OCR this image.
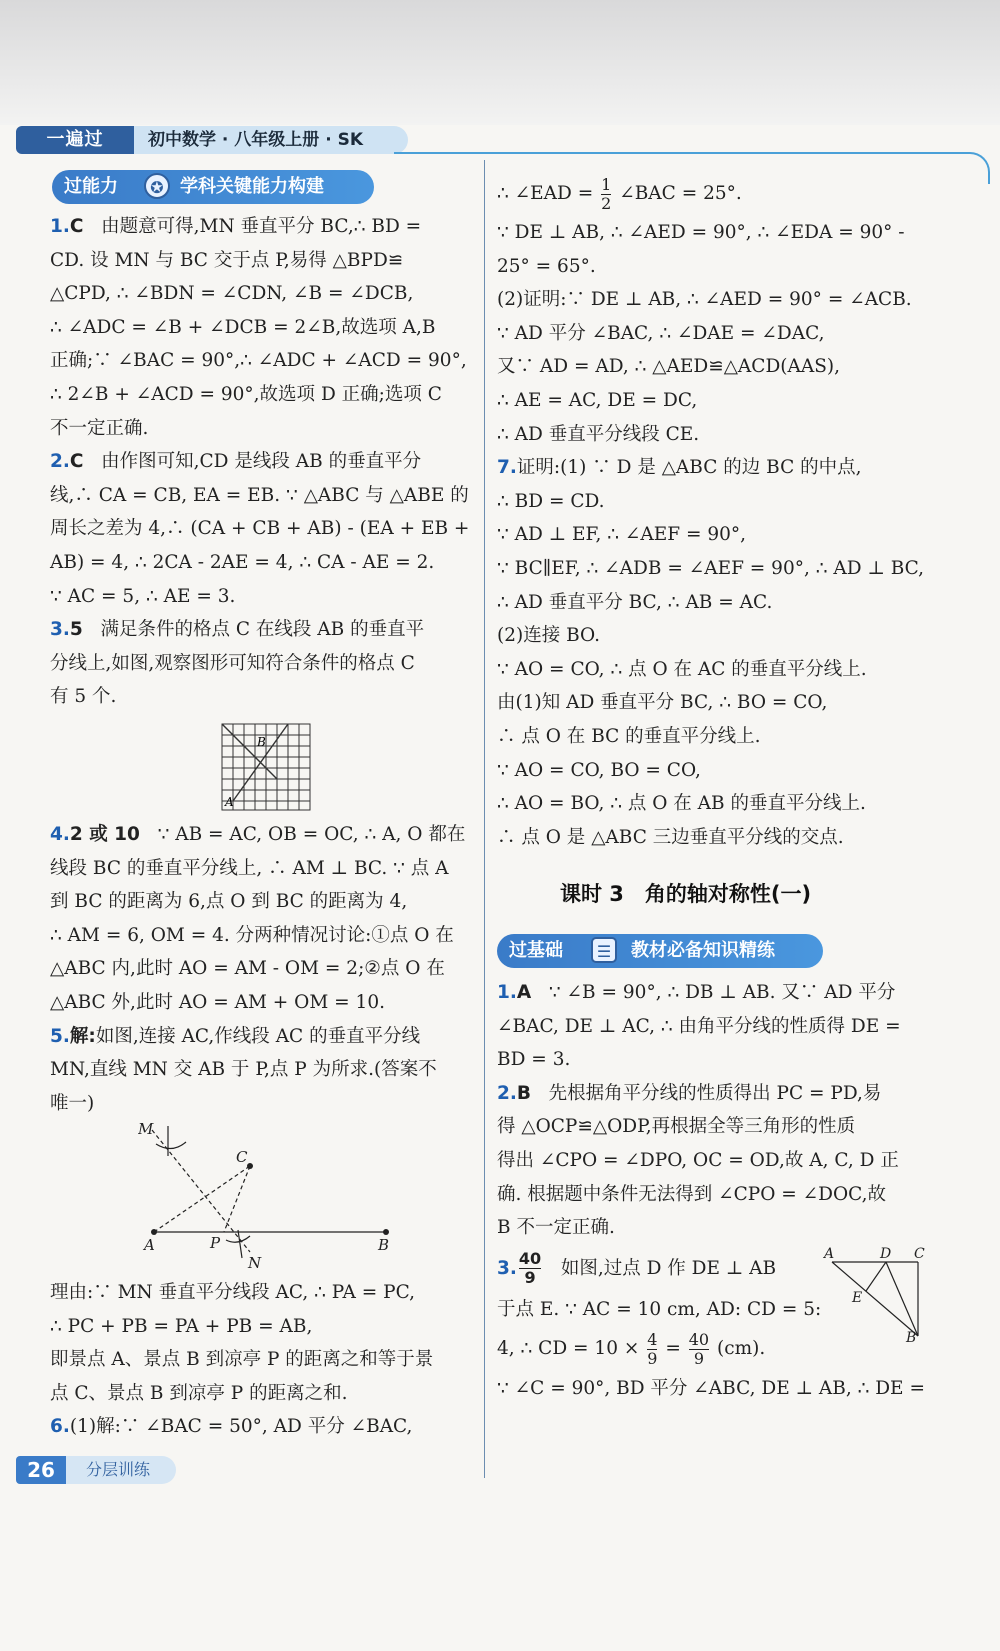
一遍过	初中数学 · 八年级上册 · SK
过能力	✪ 学科关键能力构建

1.C 由题意可得,MN 垂直平分 BC,∴ BD =

CD. 设 MN 与 BC 交于点 P,易得 △BPD≌

△CPD, ∴ ∠BDN = ∠CDN, ∠B = ∠DCB,

∴ ∠ADC = ∠B + ∠DCB = 2∠B,故选项 A,B

正确;∵ ∠BAC = 90°,∴ ∠ADC + ∠ACD = 90°,

∴ 2∠B + ∠ACD = 90°,故选项 D 正确;选项 C

不一定正确.

2.C 由作图可知,CD 是线段 AB 的垂直平分

线,∴ CA = CB, EA = EB. ∵ △ABC 与 △ABE 的

周长之差为 4,∴ (CA + CB + AB) - (EA + EB +

AB) = 4, ∴ 2CA - 2AE = 4, ∴ CA - AE = 2.

∵ AC = 5, ∴ AE = 3.

3.5 满足条件的格点 C 在线段 AB 的垂直平

分线上,如图,观察图形可知符合条件的格点 C

有 5 个.

B
A

4.2 或 10 ∵ AB = AC, OB = OC, ∴ A, O 都在

线段 BC 的垂直平分线上, ∴ AM ⊥ BC. ∵ 点 A

到 BC 的距离为 6,点 O 到 BC 的距离为 4,

∴ AM = 6, OM = 4. 分两种情况讨论:①点 O 在

△ABC 内,此时 AO = AM - OM = 2;②点 O 在

△ABC 外,此时 AO = AM + OM = 10.

5.解:如图,连接 AC,作线段 AC 的垂直平分线

MN,直线 MN 交 AB 于 P,点 P 为所求.(答案不

唯一)

M
C
A	P
N
B

理由:∵ MN 垂直平分线段 AC, ∴ PA = PC,

∴ PC + PB = PA + PB = AB,

即景点 A、景点 B 到凉亭 P 的距离之和等于景

点 C、景点 B 到凉亭 P 的距离之和.

6.(1)解:∵ ∠BAC = 50°, AD 平分 ∠BAC,

∴ ∠EAD = $\frac{1}{2}$ ∠BAC = 25°.

∵ DE ⊥ AB, ∴ ∠AED = 90°, ∴ ∠EDA = 90° -

25° = 65°.

(2)证明:∵ DE ⊥ AB, ∴ ∠AED = 90° = ∠ACB.

∵ AD 平分 ∠BAC, ∴ ∠DAE = ∠DAC,

又∵ AD = AD, ∴ △AED≌△ACD(AAS),

∴ AE = AC, DE = DC,

∴ AD 垂直平分线段 CE.

7.证明:(1) ∵ D 是 △ABC 的边 BC 的中点,

∴ BD = CD.

∵ AD ⊥ EF, ∴ ∠AEF = 90°,

∵ BC∥EF, ∴ ∠ADB = ∠AEF = 90°, ∴ AD ⊥ BC,

∴ AD 垂直平分 BC, ∴ AB = AC.

(2)连接 BO.

∵ AO = CO, ∴ 点 O 在 AC 的垂直平分线上.

由(1)知 AD 垂直平分 BC, ∴ BO = CO,

∴ 点 O 在 BC 的垂直平分线上.

∵ AO = CO, BO = CO,

∴ AO = BO, ∴ 点 O 在 AB 的垂直平分线上.

∴ 点 O 是 △ABC 三边垂直平分线的交点.

课时 3　角的轴对称性(一)
过基础	☰	教材必备知识精练

1.A ∵ ∠B = 90°, ∴ DB ⊥ AB. 又∵ AD 平分

∠BAC, DE ⊥ AC, ∴ 由角平分线的性质得 DE =

BD = 3.

2.B 先根据角平分线的性质得出 PC = PD,易

得 △OCP≌△ODP,再根据全等三角形的性质

得出 ∠CPO = ∠DPO, OC = OD,故 A, C, D 正

确. 根据题中条件无法得到 ∠CPO = ∠DOC,故

B 不一定正确.

3. $\frac{40}{9}$ 如图,过点 D 作 DE ⊥ AB

于点 E. ∵ AC = 10 cm, AD: CD = 5:

4, ∴ CD = $10 \times \frac{4}{9} = \frac{40}{9} (cm)$.

∵ ∠C = 90°, BD 平分 ∠ABC, DE ⊥ AB, ∴ DE =

A	D C
E
B
26	分层训练
